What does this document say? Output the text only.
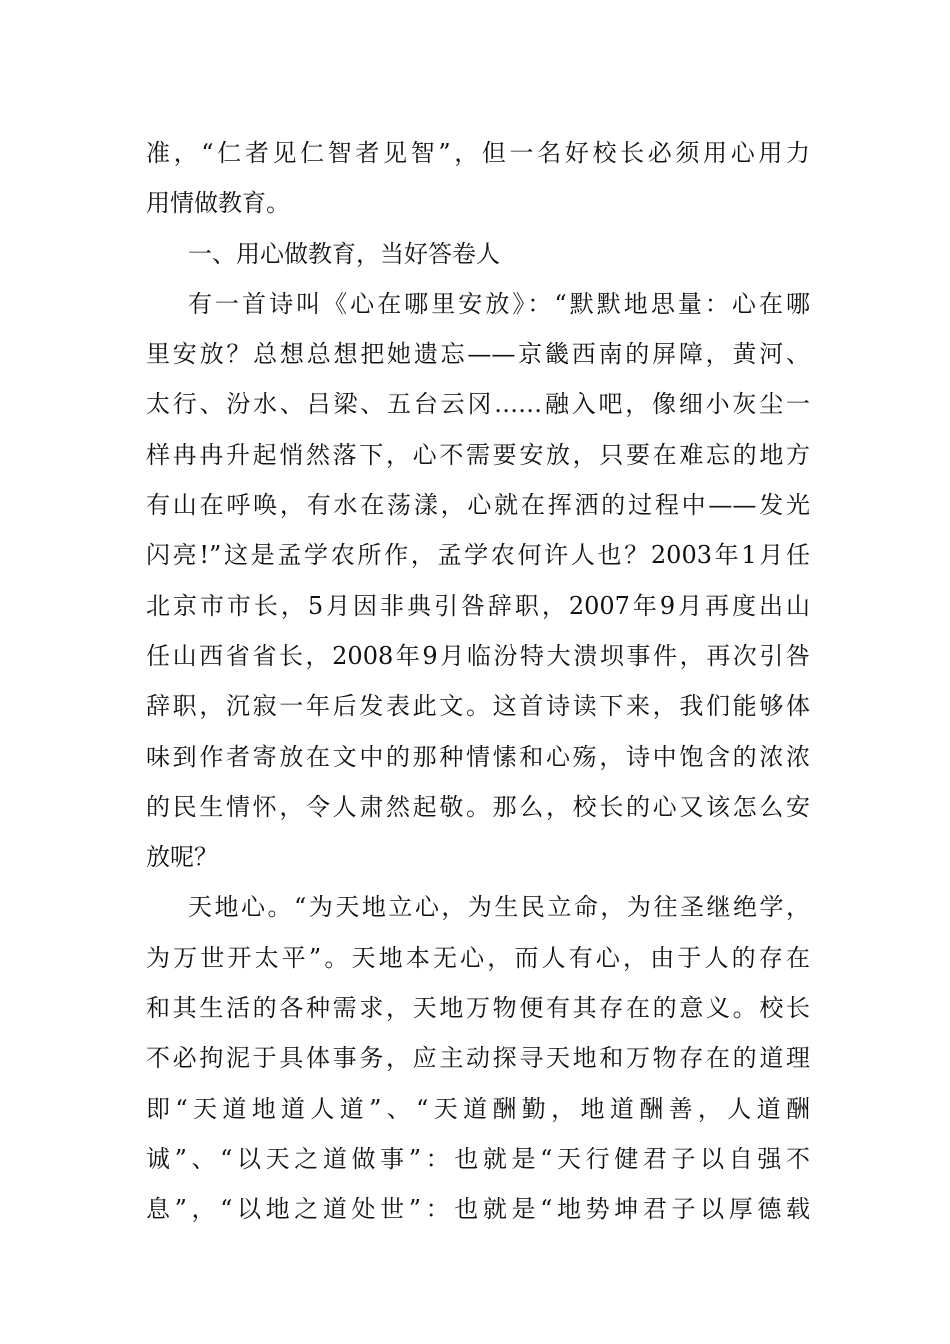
准，“仁者见仁智者见智”，但一名好校长必须用心用力
用情做教育。
一、用心做教育，当好答卷人
有一首诗叫《心在哪里安放》：“默默地思量：心在哪
里安放？总想总想把她遗忘——京畿西南的屏障，黄河、
太行、汾水、吕梁、五台云冈……融入吧，像细小灰尘一
样冉冉升起悄然落下，心不需要安放，只要在难忘的地方
有山在呼唤，有水在荡漾，心就在挥洒的过程中——发光
闪亮!”这是孟学农所作，孟学农何许人也？2003年1月任
北京市市长，5月因非典引咎辞职，2007年9月再度出山
任山西省省长，2008年9月临汾特大溃坝事件，再次引咎
辞职，沉寂一年后发表此文。这首诗读下来，我们能够体
味到作者寄放在文中的那种情愫和心殇，诗中饱含的浓浓
的民生情怀，令人肃然起敬。那么，校长的心又该怎么安
放呢？
天地心。“为天地立心，为生民立命，为往圣继绝学，
为万世开太平”。天地本无心，而人有心，由于人的存在
和其生活的各种需求，天地万物便有其存在的意义。校长
不必拘泥于具体事务，应主动探寻天地和万物存在的道理
即“天道地道人道”、“天道酬勤，地道酬善，人道酬
诚”、“以天之道做事”：也就是“天行健君子以自强不
息”，“以地之道处世”：也就是“地势坤君子以厚德载
